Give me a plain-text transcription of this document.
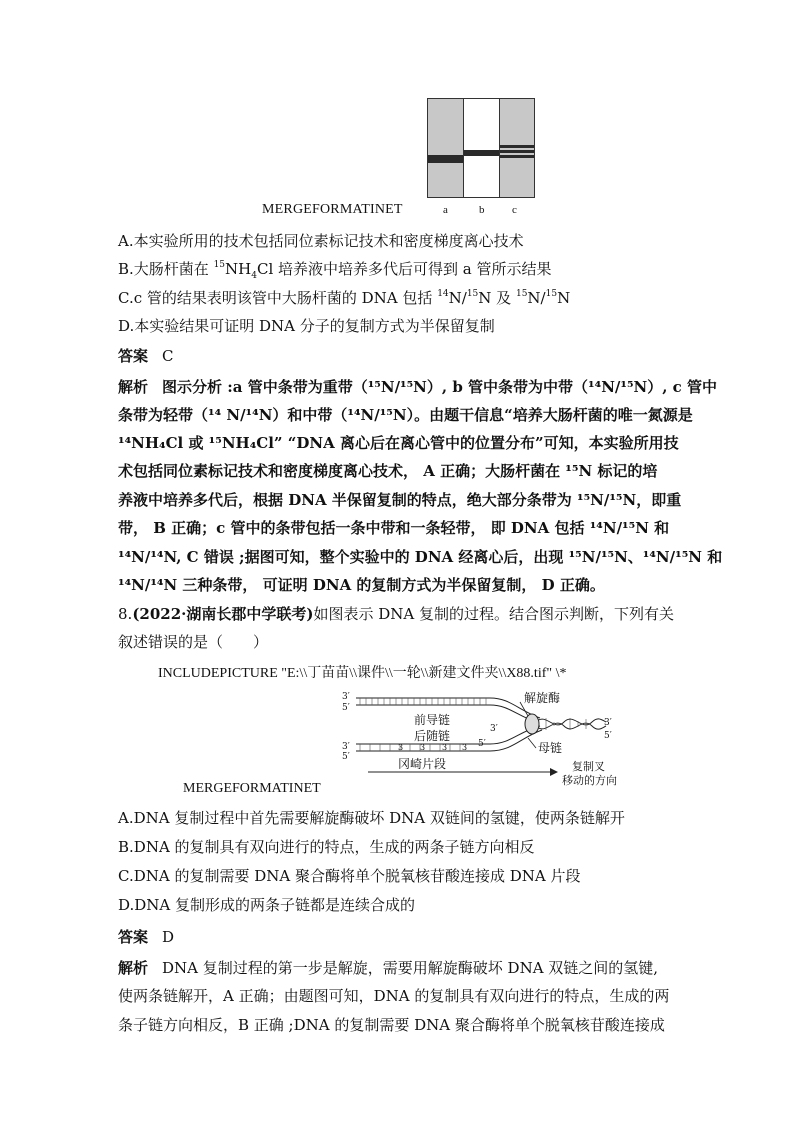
MERGEFORMATINET	a	b	c
A.本实验所用的技术包括同位素标记技术和密度梯度离心技术
B.大肠杆菌在 $^{15}NH_4Cl$ 培养液中培养多代后可得到 a 管所示结果
C.c 管的结果表明该管中大肠杆菌的 DNA 包括 $^{14}$N/$^{15}$N 及 $^{15}$N/$^{15}$N
D.本实验结果可证明 DNA 分子的复制方式为半保留复制
答案 C
解析 图示分析 :a 管中条带为重带（¹⁵N/¹⁵N）, b 管中条带为中带（¹⁴N/¹⁵N）, c 管中
条带为轻带（¹⁴ N/¹⁴N）和中带（¹⁴N/¹⁵N）。由题干信息“培养大肠杆菌的唯一氮源是
¹⁴NH₄Cl 或 ¹⁵NH₄Cl” “DNA 离心后在离心管中的位置分布”可知，本实验所用技
术包括同位素标记技术和密度梯度离心技术， A 正确；大肠杆菌在 ¹⁵N 标记的培
养液中培养多代后，根据 DNA 半保留复制的特点，绝大部分条带为 ¹⁵N/¹⁵N，即重
带， B 正确；c 管中的条带包括一条中带和一条轻带， 即 DNA 包括 ¹⁴N/¹⁵N 和
¹⁴N/¹⁴N, C 错误 ;据图可知，整个实验中的 DNA 经离心后，出现 ¹⁵N/¹⁵N、¹⁴N/¹⁵N 和
¹⁴N/¹⁴N 三种条带， 可证明 DNA 的复制方式为半保留复制， D 正确。
8.(2022·湖南长郡中学联考)如图表示 DNA 复制的过程。结合图示判断，下列有关
叙述错误的是（　　）
INCLUDEPICTURE "E:\\丁苗苗\\课件\\一轮\\新建文件夹\\X88.tif" \*
3′
5′
3′
5′
3′
5′
3′
5′
3 3 3 3
前导链
后随链
解旋酶
母链
冈崎片段	复制叉
移动的方向
MERGEFORMATINET
A.DNA 复制过程中首先需要解旋酶破坏 DNA 双链间的氢键，使两条链解开
B.DNA 的复制具有双向进行的特点，生成的两条子链方向相反
C.DNA 的复制需要 DNA 聚合酶将单个脱氧核苷酸连接成 DNA 片段
D.DNA 复制形成的两条子链都是连续合成的
答案 D
解析 DNA 复制过程的第一步是解旋，需要用解旋酶破坏 DNA 双链之间的氢键,
使两条链解开，A 正确；由题图可知，DNA 的复制具有双向进行的特点，生成的两
条子链方向相反，B 正确 ;DNA 的复制需要 DNA 聚合酶将单个脱氧核苷酸连接成
